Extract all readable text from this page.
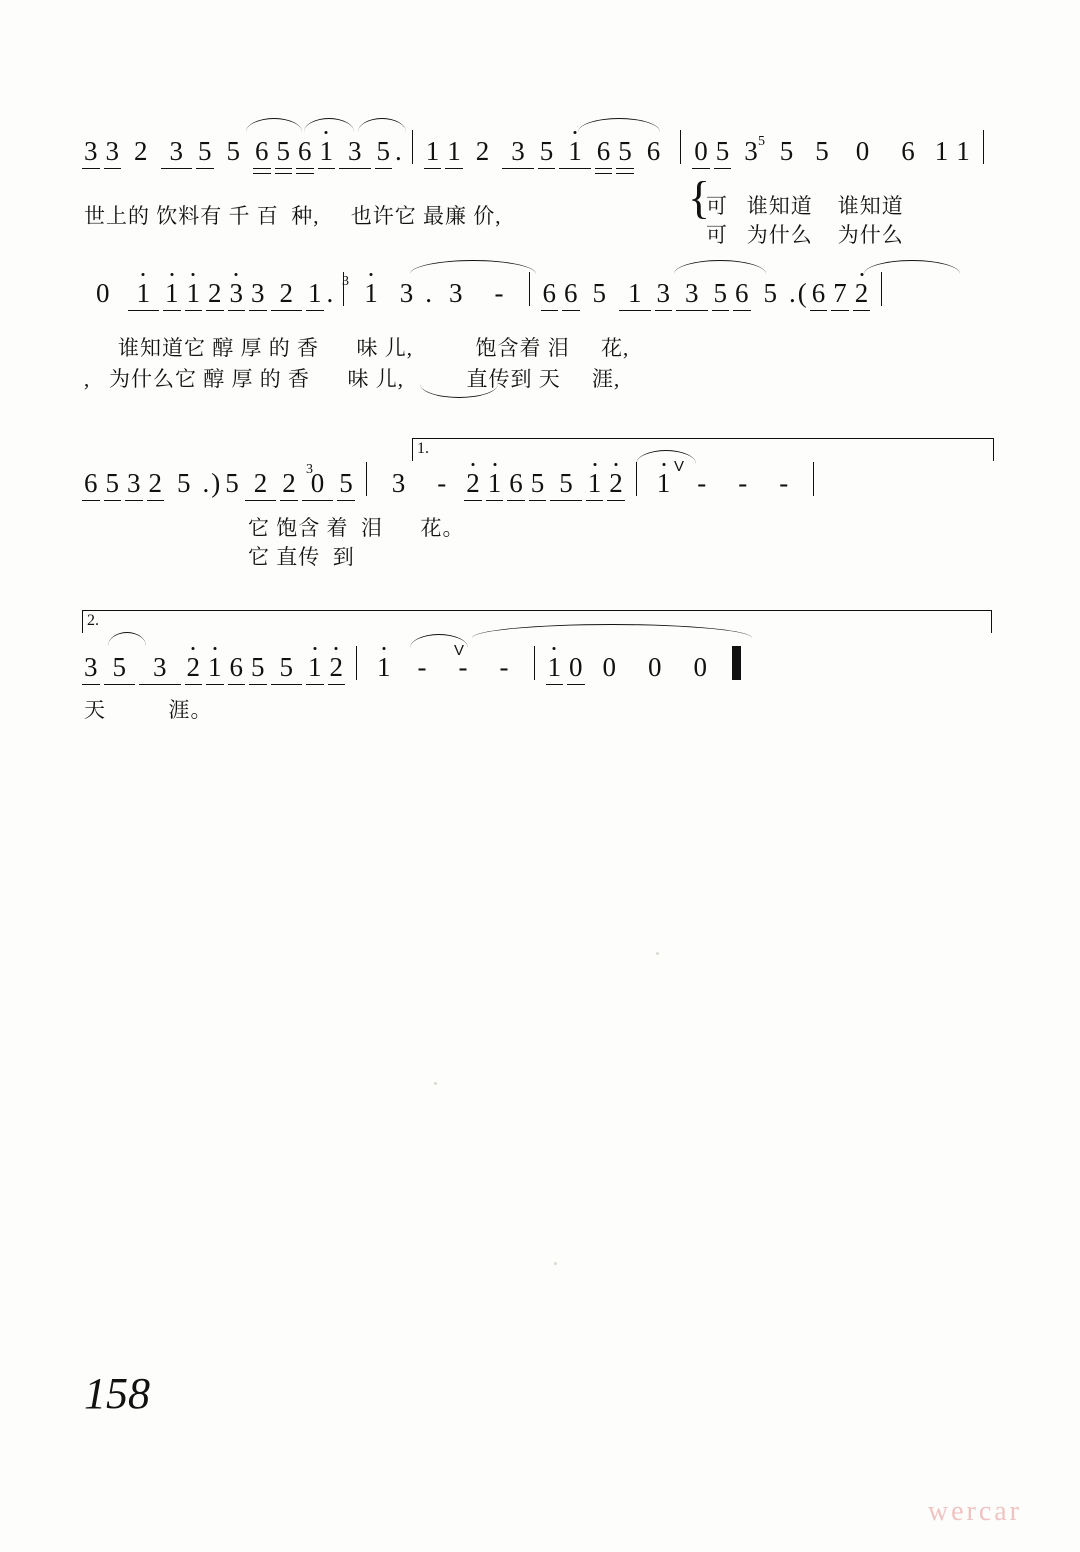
3 3 2 3 5 5 6 5 6 1 3 5 . 1 1 2 3 5 1 6 5 6	0 5 3 5 5	0	6 1 1
5
{
世上的 饮料有 千 百  种,     也许它 最廉 价,	可   谁知道    谁知道
可   为什么    为什么
0	1 1 1 2 3 3 2 1 .	1 3 . 3	-	6 6 5 1 3 3 5 6 5 . ( 6 7 2
3
谁知道它 醇 厚 的 香      味 儿,          饱含着 泪     花,
,   为什么它 醇 厚 的 香      味 儿,          直传到 天     涯,
1.
6 5 3 2 5 . ) 5 2 2 0 5	3	- 2 1 6 5 5 1 2	1	-	-	-
V
3
它 饱含 着  泪      花。
它 直传  到
2.
3 5	3 2 1 6 5 5 1 2	1	-	-	-	1 0 0	0	0
V
天          涯。
158
wercar
